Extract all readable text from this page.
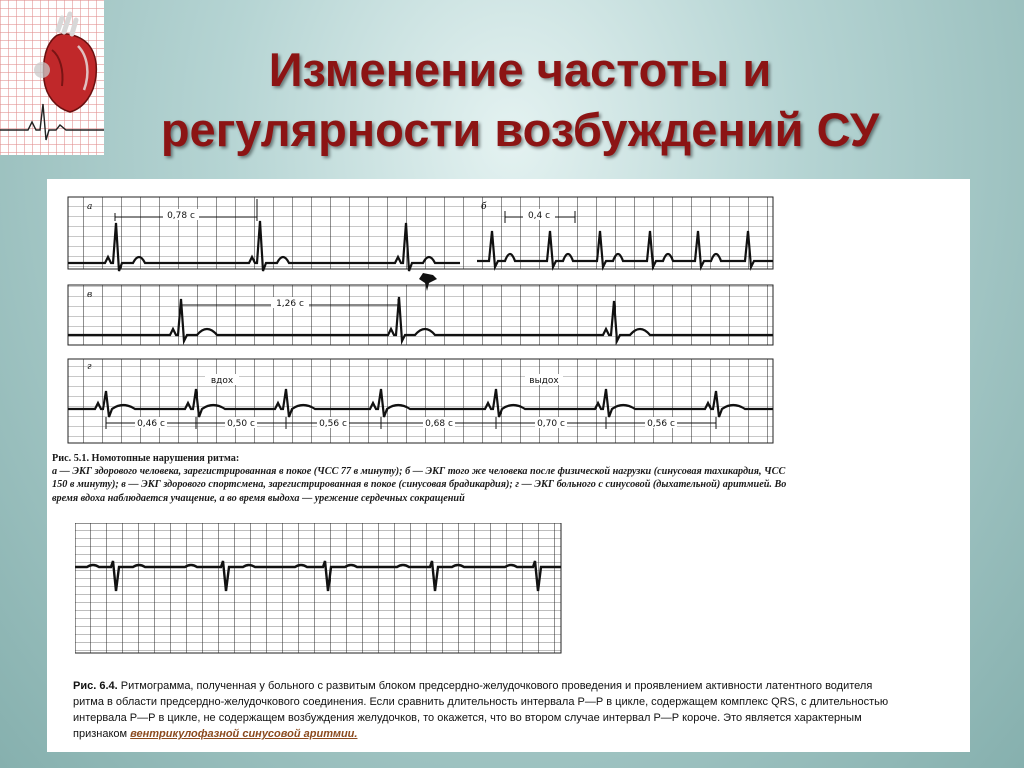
Изменение частоты и
регулярности возбуждений СУ
а
0,78 с
б
0,4 с
в
1,26 с
г
вдох	выдох
0,46 с	0,50 с	0,56 с	0,68 с	0,70 с	0,56 с
Рис. 5.1. Номотопные нарушения ритма:
а — ЭКГ здорового человека, зарегистрированная в покое (ЧСС 77 в минуту); б — ЭКГ того же человека после физической нагрузки (синусовая тахикардия, ЧСС 150 в минуту); в — ЭКГ здорового спортсмена, зарегистрированная в покое (синусовая брадикардия); г — ЭКГ больного с синусовой (дыхательной) аритмией. Во время вдоха наблюдается учащение, а во время выдоха — урежение сердечных сокращений
Рис. 6.4. Ритмограмма, полученная у больного с развитым блоком предсердно-желудочкового проведения и проявлением активности латентного водителя ритма в области предсердно-желудочкового соединения. Если сравнить длительность интервала Р—Р в цикле, содержащем комплекс QRS, с длительностью интервала Р—Р в цикле, не содержащем возбуждения желудочков, то окажется, что во втором случае интервал Р—Р короче. Это является характерным признаком вентрикулофазной синусовой аритмии.
